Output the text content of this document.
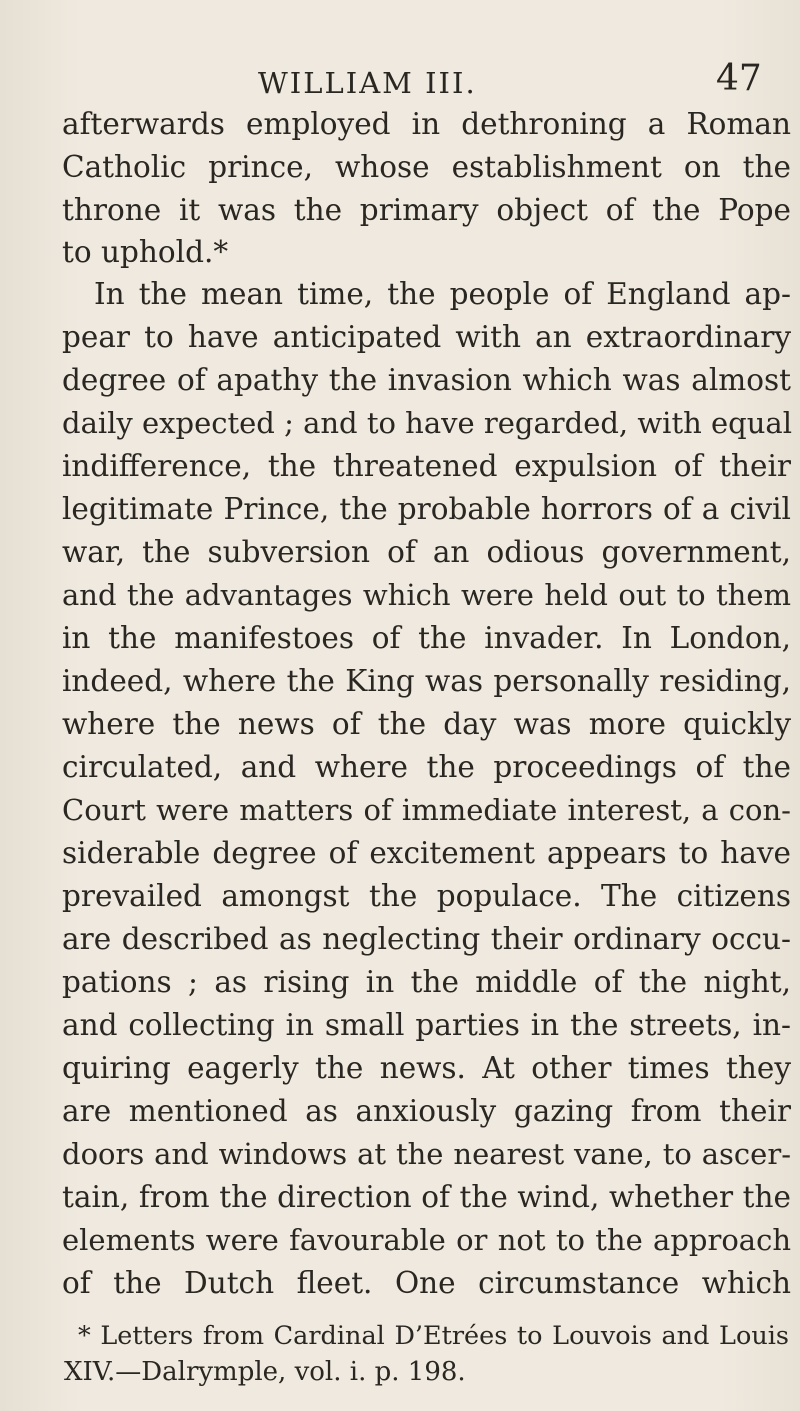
WILLIAM III.	47
afterwards employed in dethroning a Roman
Catholic prince, whose establishment on the
throne it was the primary object of the Pope
to uphold.*
In the mean time, the people of England ap-
pear to have anticipated with an extraordinary
degree of apathy the invasion which was almost
daily expected ; and to have regarded, with equal
indifference, the threatened expulsion of their
legitimate Prince, the probable horrors of a civil
war, the subversion of an odious government,
and the advantages which were held out to them
in the manifestoes of the invader. In London,
indeed, where the King was personally residing,
where the news of the day was more quickly
circulated, and where the proceedings of the
Court were matters of immediate interest, a con-
siderable degree of excitement appears to have
prevailed amongst the populace. The citizens
are described as neglecting their ordinary occu-
pations ; as rising in the middle of the night,
and collecting in small parties in the streets, in-
quiring eagerly the news. At other times they
are mentioned as anxiously gazing from their
doors and windows at the nearest vane, to ascer-
tain, from the direction of the wind, whether the
elements were favourable or not to the approach
of the Dutch fleet. One circumstance which
* Letters from Cardinal D’Etrées to Louvois and Louis
XIV.—Dalrymple, vol. i. p. 198.
